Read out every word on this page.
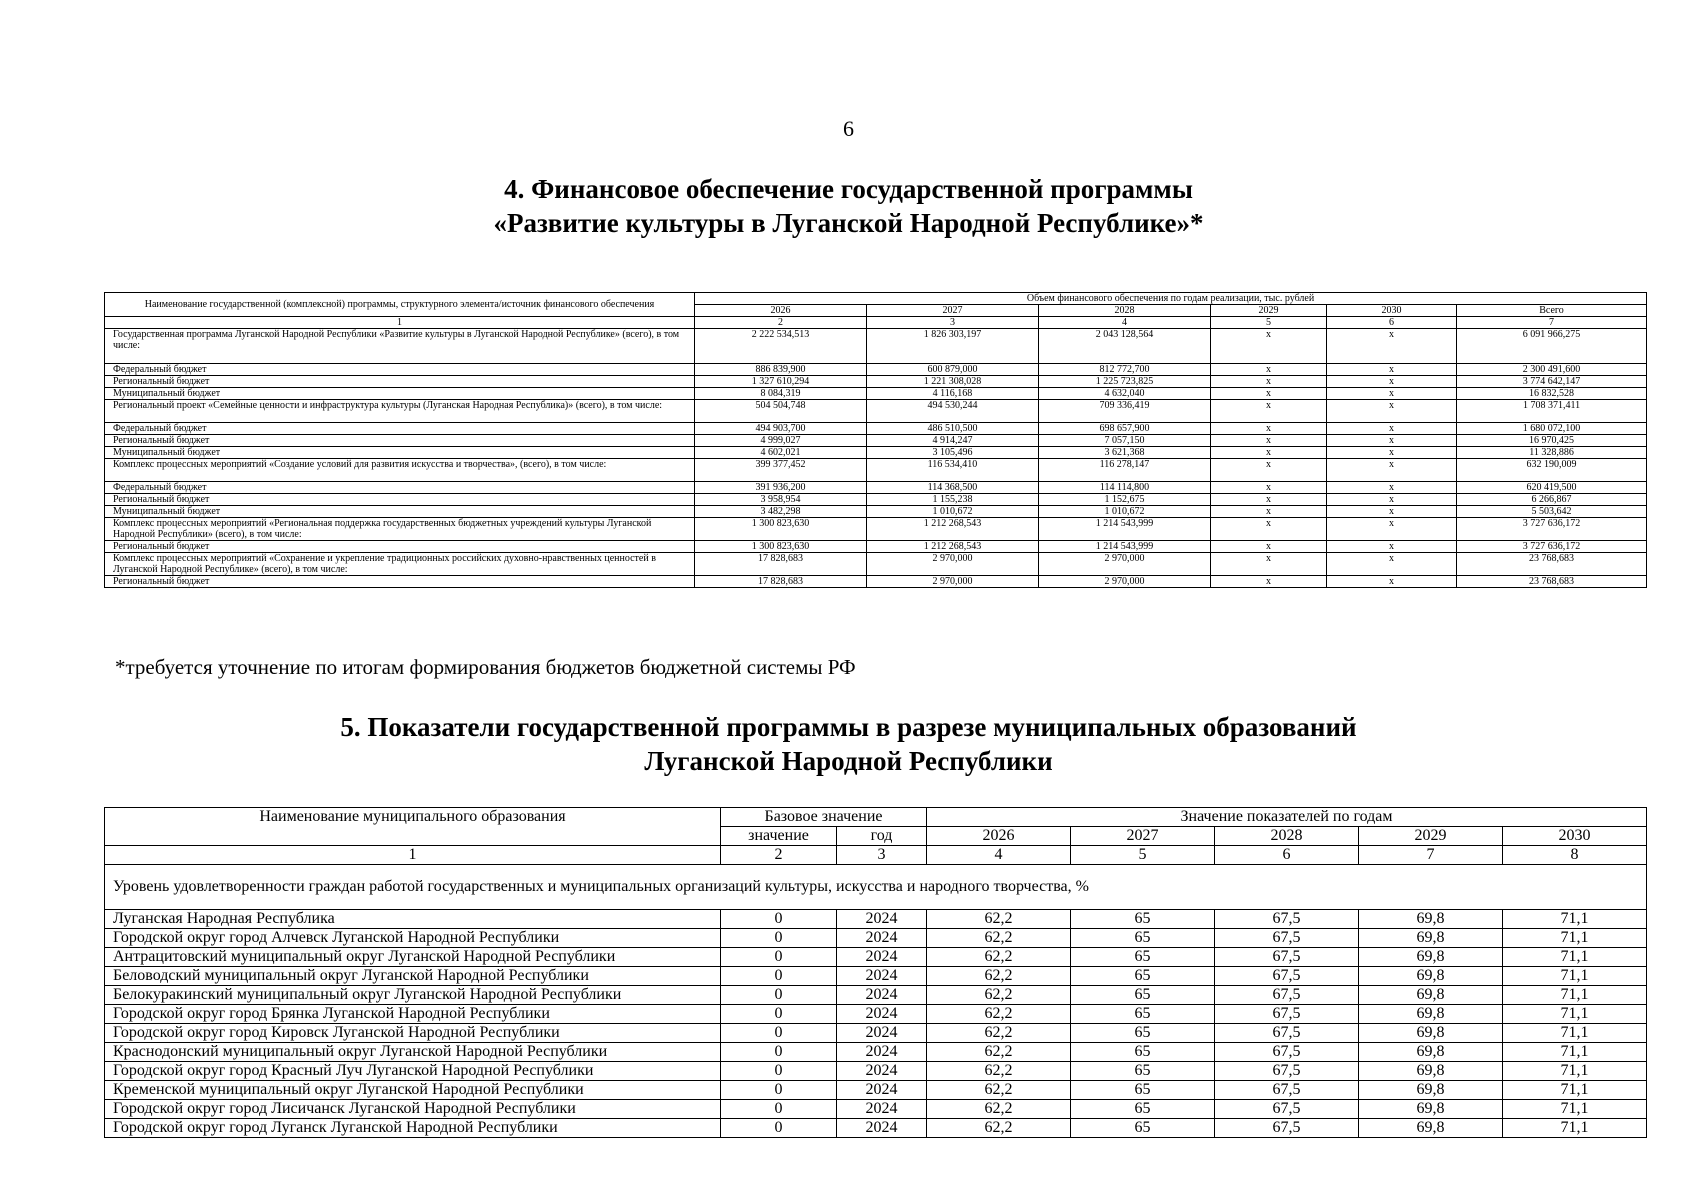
6
4. Финансовое обеспечение государственной программы
«Развитие культуры в Луганской Народной Республике»*
Наименование государственной (комплексной) программы, структурного элемента/источник финансового обеспечения	Объем финансового обеспечения по годам реализации, тыс. рублей					
	2026	2027	2028	2029	2030	Всего
1	2	3	4	5	6	7
Государственная программа Луганской Народной Республики «Развитие культуры в Луганской Народной Республике» (всего), в том числе:	2 222 534,513	1 826 303,197	2 043 128,564	x	x	6 091 966,275
Федеральный бюджет	886 839,900	600 879,000	812 772,700	x	x	2 300 491,600
Региональный бюджет	1 327 610,294	1 221 308,028	1 225 723,825	x	x	3 774 642,147
Муниципальный бюджет	8 084,319	4 116,168	4 632,040	x	x	16 832,528
Региональный проект «Семейные ценности и инфраструктура культуры (Луганская Народная Республика)» (всего), в том числе:	504 504,748	494 530,244	709 336,419	x	x	1 708 371,411
Федеральный бюджет	494 903,700	486 510,500	698 657,900	x	x	1 680 072,100
Региональный бюджет	4 999,027	4 914,247	7 057,150	x	x	16 970,425
Муниципальный бюджет	4 602,021	3 105,496	3 621,368	x	x	11 328,886
Комплекс процессных мероприятий «Создание условий для развития искусства и творчества», (всего), в том числе:	399 377,452	116 534,410	116 278,147	x	x	632 190,009
Федеральный бюджет	391 936,200	114 368,500	114 114,800	x	x	620 419,500
Региональный бюджет	3 958,954	1 155,238	1 152,675	x	x	6 266,867
Муниципальный бюджет	3 482,298	1 010,672	1 010,672	x	x	5 503,642
Комплекс процессных мероприятий «Региональная поддержка государственных бюджетных учреждений культуры Луганской Народной Республики» (всего), в том числе:	1 300 823,630	1 212 268,543	1 214 543,999	x	x	3 727 636,172
Региональный бюджет	1 300 823,630	1 212 268,543	1 214 543,999	x	x	3 727 636,172
Комплекс процессных мероприятий «Сохранение и укрепление традиционных российских духовно-нравственных ценностей в Луганской Народной Республике» (всего), в том числе:	17 828,683	2 970,000	2 970,000	x	x	23 768,683
Региональный бюджет	17 828,683	2 970,000	2 970,000	x	x	23 768,683
*требуется уточнение по итогам формирования бюджетов бюджетной системы РФ
5. Показатели государственной программы в разрезе муниципальных образований
Луганской Народной Республики
Наименование муниципального образования	Базовое значение		Значение показателей по годам				
	значение	год	2026	2027	2028	2029	2030
1	2	3	4	5	6	7	8
Уровень удовлетворенности граждан работой государственных и муниципальных организаций культуры, искусства и народного творчества, %							
Луганская Народная Республика	0	2024	62,2	65	67,5	69,8	71,1
Городской округ город Алчевск Луганской Народной Республики	0	2024	62,2	65	67,5	69,8	71,1
Антрацитовский муниципальный округ Луганской Народной Республики	0	2024	62,2	65	67,5	69,8	71,1
Беловодский муниципальный округ Луганской Народной Республики	0	2024	62,2	65	67,5	69,8	71,1
Белокуракинский муниципальный округ Луганской Народной Республики	0	2024	62,2	65	67,5	69,8	71,1
Городской округ город Брянка Луганской Народной Республики	0	2024	62,2	65	67,5	69,8	71,1
Городской округ город Кировск Луганской Народной Республики	0	2024	62,2	65	67,5	69,8	71,1
Краснодонский муниципальный округ Луганской Народной Республики	0	2024	62,2	65	67,5	69,8	71,1
Городской округ город Красный Луч Луганской Народной Республики	0	2024	62,2	65	67,5	69,8	71,1
Кременской муниципальный округ Луганской Народной Республики	0	2024	62,2	65	67,5	69,8	71,1
Городской округ город Лисичанск Луганской Народной Республики	0	2024	62,2	65	67,5	69,8	71,1
Городской округ город Луганск Луганской Народной Республики	0	2024	62,2	65	67,5	69,8	71,1
